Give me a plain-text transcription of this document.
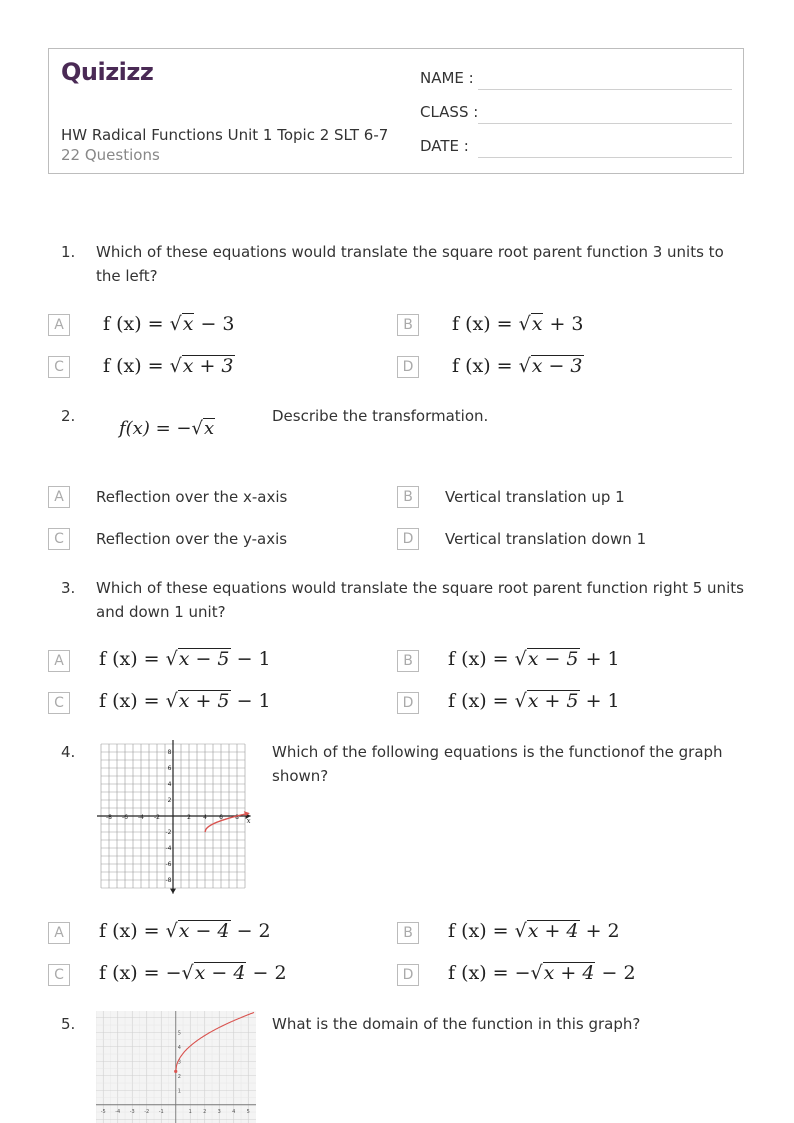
Quizizz
HW Radical Functions Unit 1 Topic 2 SLT 6-7
22 Questions
NAME :
CLASS :
DATE :
1. Which of these equations would translate the square root parent function 3 units to the left?
A	f (x) = √x − 3	B	f (x) = √x + 3
C	f (x) = √x + 3	D f (x) = √x − 3
2.
f(x) = −√x
Describe the transformation.
A	Reflection over the x-axis	B	Vertical translation up 1
C	Reflection over the y-axis	D	Vertical translation down 1
3. Which of these equations would translate the square root parent function right 5 units and down 1 unit?
A	f (x) = √x − 5 − 1	B	f (x) = √x − 5 + 1
C	f (x) = √x + 5 − 1	D f (x) = √x + 5 + 1
4.
-8 -6 -4 -2	2 4 6 8
8
6
4
2
-2
-4
-6
-8
x
Which of the following equations is the functionof the graph shown?
A	f (x) = √x − 4 − 2	B	f (x) = √x + 4 + 2
C	f (x) = −√x − 4 − 2	D f (x) = −√x + 4 − 2
5.
-5 -4 -3 -2 -1	1 2 3 4 5
5
4
3
2
1
What is the domain of the function in this graph?
